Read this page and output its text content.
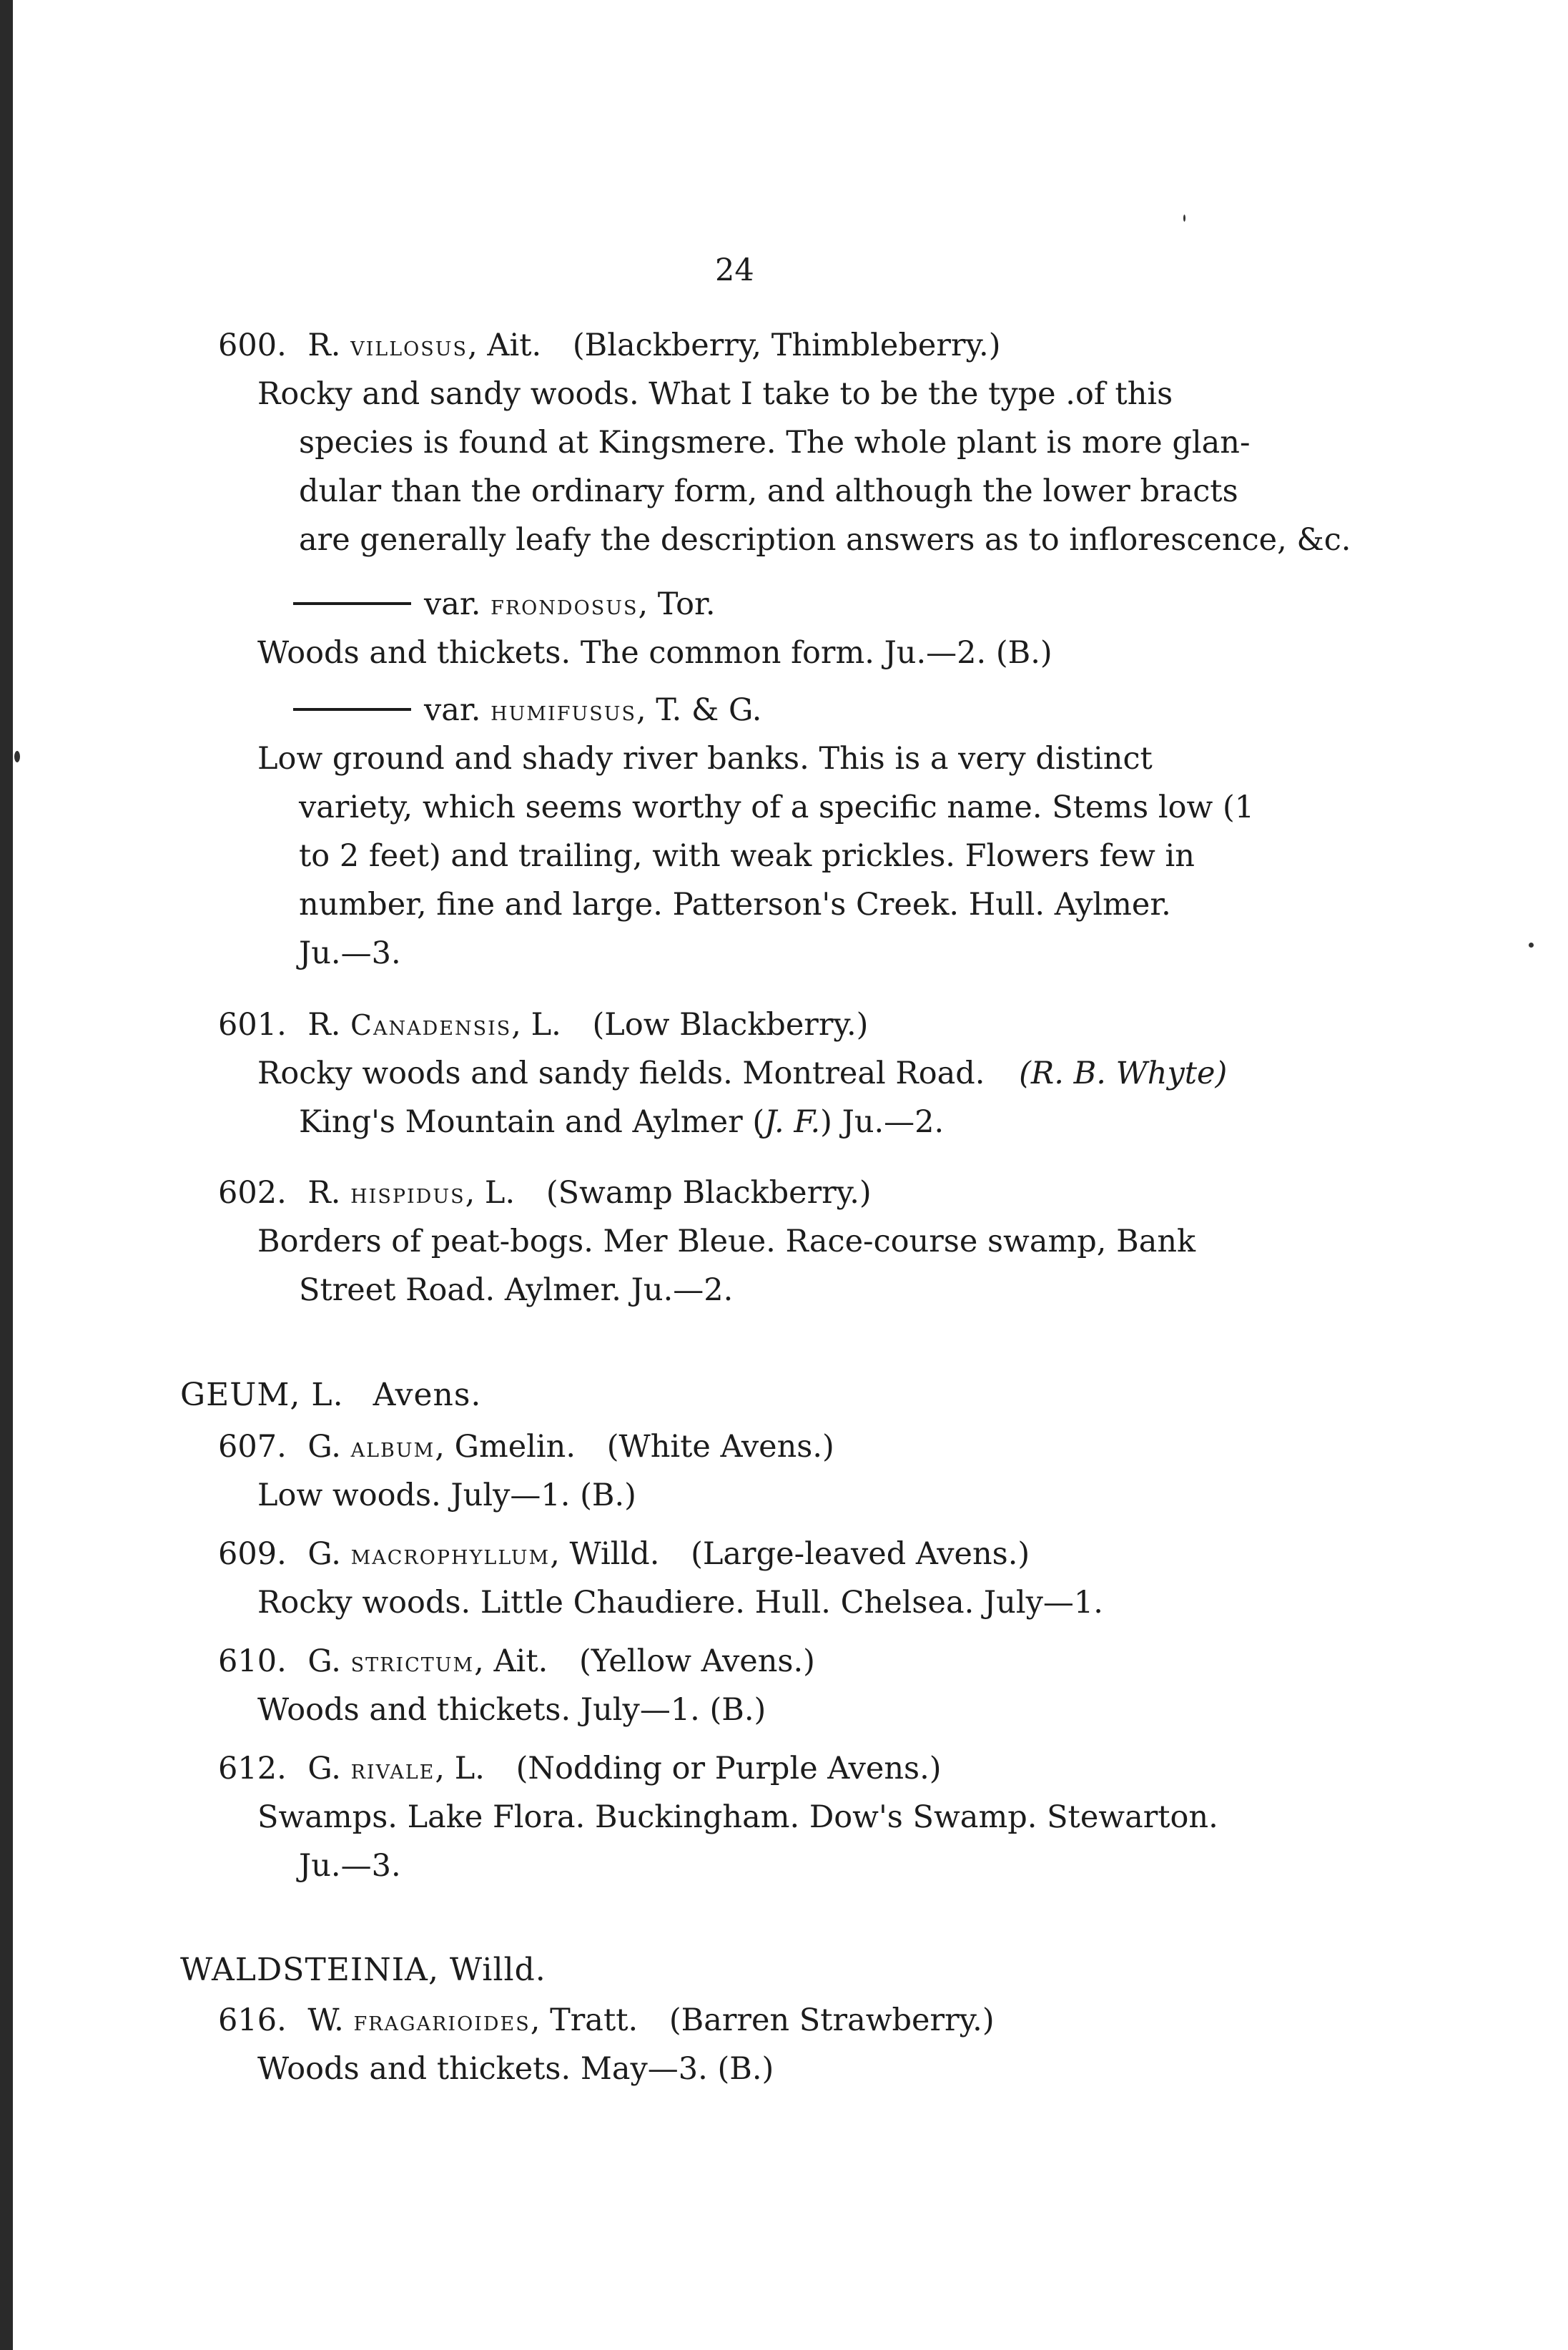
24
600. R. villosus, Ait. (Blackberry, Thimbleberry.)
Rocky and sandy woods. What I take to be the type .of this
species is found at Kingsmere. The whole plant is more glan-
dular than the ordinary form, and although the lower bracts
are generally leafy the description answers as to inflorescence, &c.
var. frondosus, Tor.
Woods and thickets. The common form. Ju.—2. (B.)
var. humifusus, T. & G.
Low ground and shady river banks. This is a very distinct
variety, which seems worthy of a specific name. Stems low (1
to 2 feet) and trailing, with weak prickles. Flowers few in
number, fine and large. Patterson's Creek. Hull. Aylmer.
Ju.—3.
601. R. Canadensis, L. (Low Blackberry.)
Rocky woods and sandy fields. Montreal Road. (R. B. Whyte)
King's Mountain and Aylmer (J. F.) Ju.—2.
602. R. hispidus, L. (Swamp Blackberry.)
Borders of peat-bogs. Mer Bleue. Race-course swamp, Bank
Street Road. Aylmer. Ju.—2.
GEUM, L. Avens.
607. G. album, Gmelin. (White Avens.)
Low woods. July—1. (B.)
609. G. macrophyllum, Willd. (Large-leaved Avens.)
Rocky woods. Little Chaudiere. Hull. Chelsea. July—1.
610. G. strictum, Ait. (Yellow Avens.)
Woods and thickets. July—1. (B.)
612. G. rivale, L. (Nodding or Purple Avens.)
Swamps. Lake Flora. Buckingham. Dow's Swamp. Stewarton.
Ju.—3.
WALDSTEINIA, Willd.
616. W. fragarioides, Tratt. (Barren Strawberry.)
Woods and thickets. May—3. (B.)
